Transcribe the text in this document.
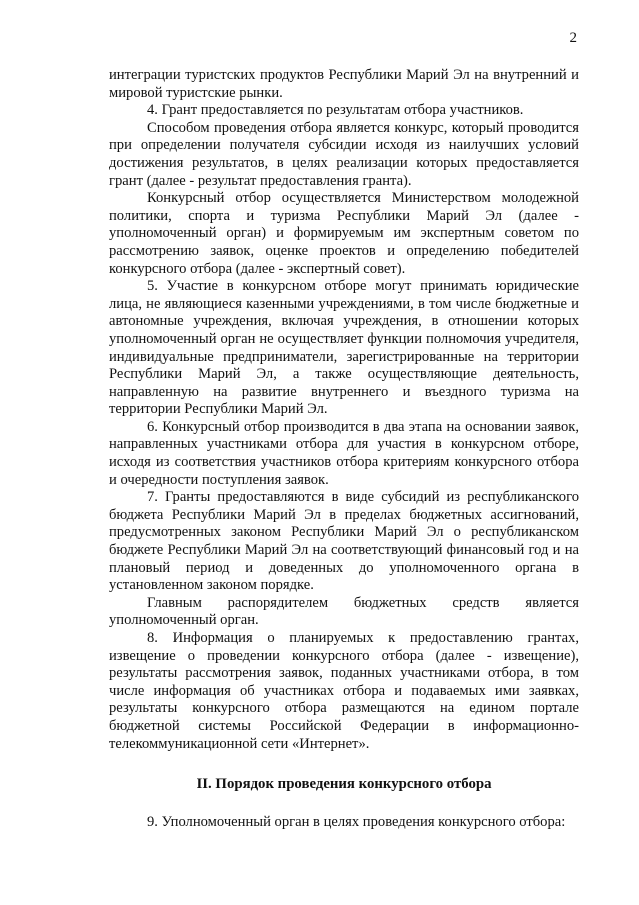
2

интеграции туристских продуктов Республики Марий Эл на внутренний и мировой туристские рынки.

4. Грант предоставляется по результатам отбора участников.

Способом проведения отбора является конкурс, который проводится при определении получателя субсидии исходя из наилучших условий достижения результатов, в целях реализации которых предоставляется грант (далее - результат предоставления гранта).

Конкурсный отбор осуществляется Министерством молодежной политики, спорта и туризма Республики Марий Эл (далее - уполномоченный орган) и формируемым им экспертным советом по рассмотрению заявок, оценке проектов и определению победителей конкурсного отбора (далее - экспертный совет).

5. Участие в конкурсном отборе могут принимать юридические лица, не являющиеся казенными учреждениями, в том числе бюджетные и автономные учреждения, включая учреждения, в отношении которых уполномоченный орган не осуществляет функции полномочия учредителя, индивидуальные предприниматели, зарегистрированные на территории Республики Марий Эл, а также осуществляющие деятельность, направленную на развитие внутреннего и въездного туризма на территории Республики Марий Эл.

6. Конкурсный отбор производится в два этапа на основании заявок, направленных участниками отбора для участия в конкурсном отборе, исходя из соответствия участников отбора критериям конкурсного отбора и очередности поступления заявок.

7. Гранты предоставляются в виде субсидий из республиканского бюджета Республики Марий Эл в пределах бюджетных ассигнований, предусмотренных законом Республики Марий Эл о республиканском бюджете Республики Марий Эл на соответствующий финансовый год и на плановый период и доведенных до уполномоченного органа в установленном законом порядке.

Главным распорядителем бюджетных средств является уполномоченный орган.

8. Информация о планируемых к предоставлению грантах, извещение о проведении конкурсного отбора (далее - извещение), результаты рассмотрения заявок, поданных участниками отбора, в том числе информация об участниках отбора и подаваемых ими заявках, результаты конкурсного отбора размещаются на едином портале бюджетной системы Российской Федерации в информационно-телекоммуникационной сети «Интернет».

II. Порядок проведения конкурсного отбора

9. Уполномоченный орган в целях проведения конкурсного отбора:
